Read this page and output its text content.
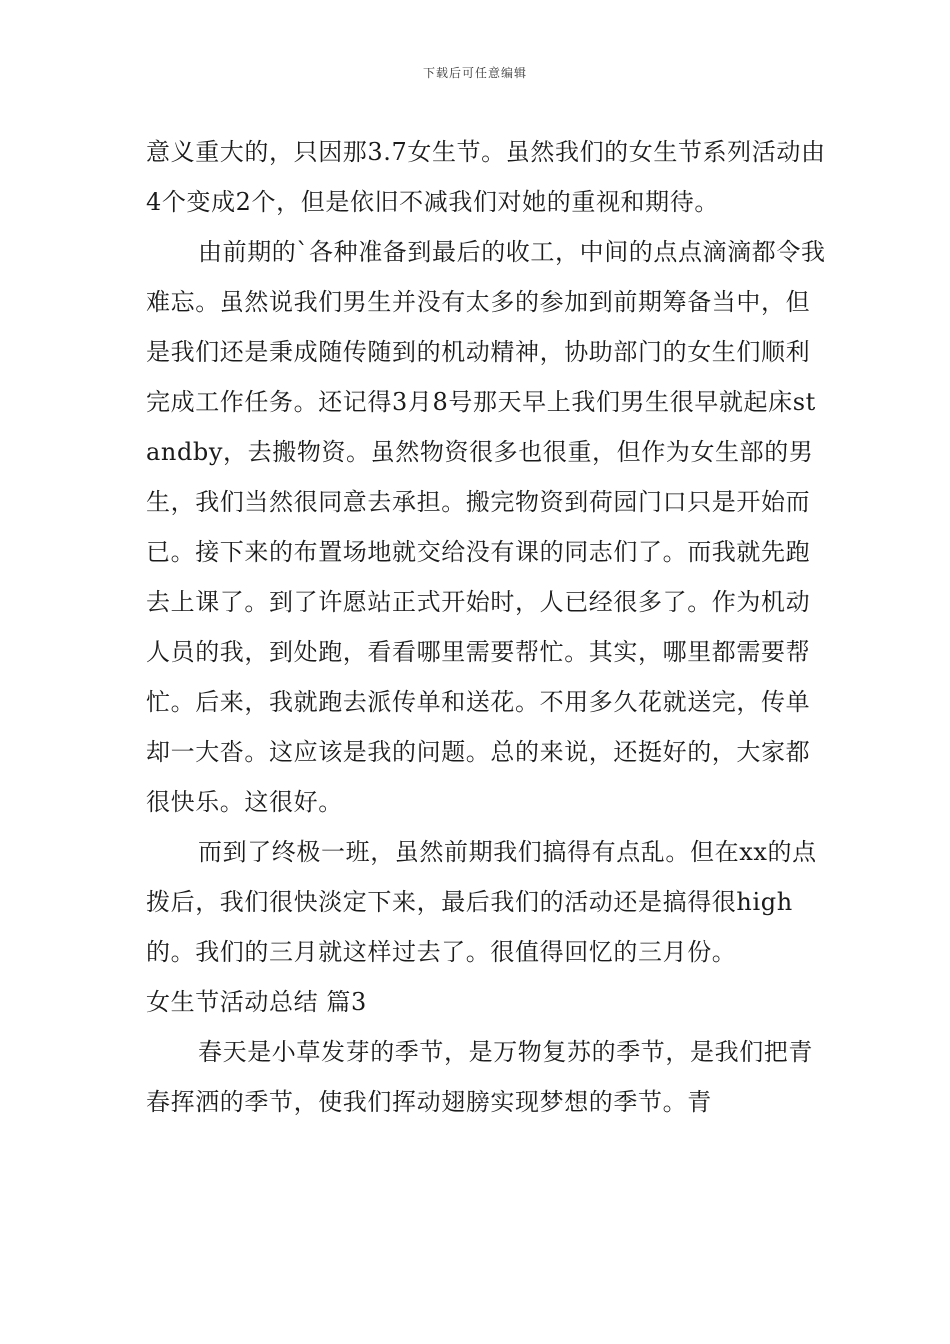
下载后可任意编辑

意义重大的，只因那3.7女生节。虽然我们的女生节系列活动由4个变成2个，但是依旧不减我们对她的重视和期待。

由前期的`各种准备到最后的收工，中间的点点滴滴都令我难忘。虽然说我们男生并没有太多的参加到前期筹备当中，但是我们还是秉成随传随到的机动精神，协助部门的女生们顺利完成工作任务。还记得3月8号那天早上我们男生很早就起床standby，去搬物资。虽然物资很多也很重，但作为女生部的男生，我们当然很同意去承担。搬完物资到荷园门口只是开始而已。接下来的布置场地就交给没有课的同志们了。而我就先跑去上课了。到了许愿站正式开始时，人已经很多了。作为机动人员的我，到处跑，看看哪里需要帮忙。其实，哪里都需要帮忙。后来，我就跑去派传单和送花。不用多久花就送完，传单却一大沓。这应该是我的问题。总的来说，还挺好的，大家都很快乐。这很好。

而到了终极一班，虽然前期我们搞得有点乱。但在xx的点拨后，我们很快淡定下来，最后我们的活动还是搞得很high的。我们的三月就这样过去了。很值得回忆的三月份。

女生节活动总结 篇3

春天是小草发芽的季节，是万物复苏的季节，是我们把青春挥洒的季节，使我们挥动翅膀实现梦想的季节。青
